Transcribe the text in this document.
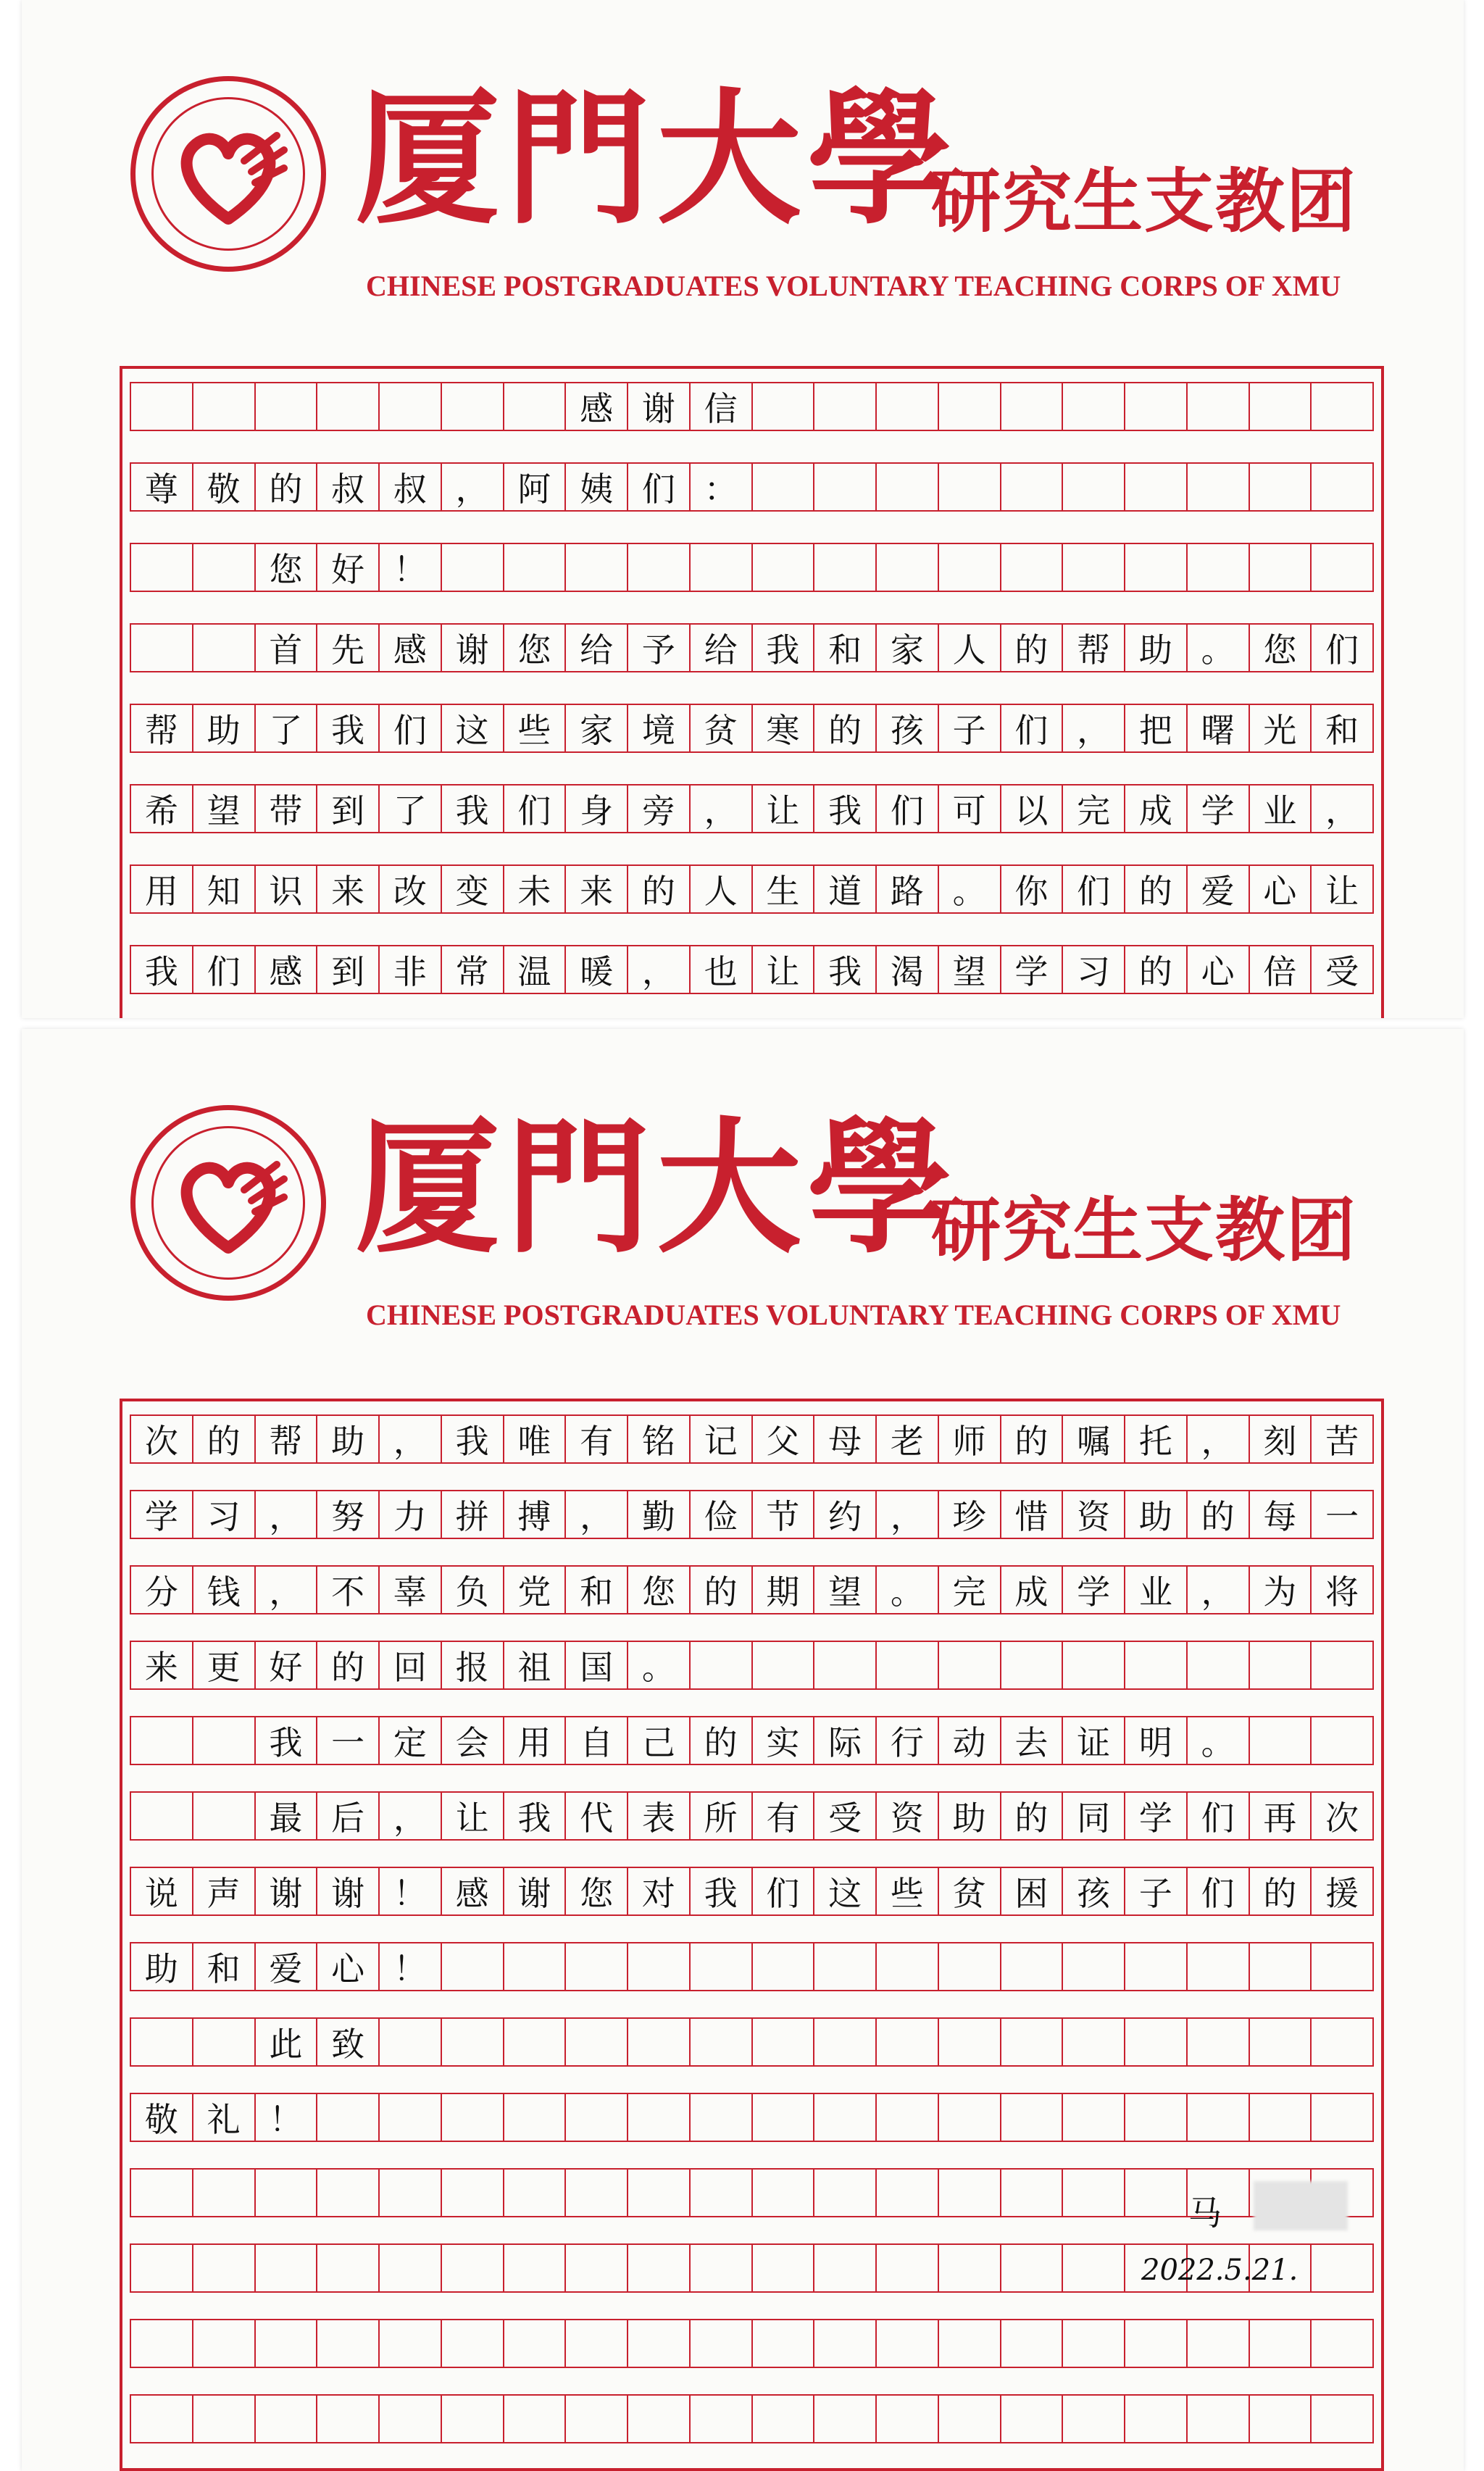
厦門大學
研究生支教团
CHINESE POSTGRADUATES VOLUNTARY TEACHING CORPS OF XMU
感 谢 信
尊 敬 的 叔 叔 ， 阿 姨 们 ：
您 好 ！
首 先 感 谢 您 给 予 给 我 和 家 人 的 帮 助 。 您 们
帮 助 了 我 们 这 些 家 境 贫 寒 的 孩 子 们 ， 把 曙 光 和
希 望 带 到 了 我 们 身 旁 ， 让 我 们 可 以 完 成 学 业 ，
用 知 识 来 改 变 未 来 的 人 生 道 路 。 你 们 的 爱 心 让
我 们 感 到 非 常 温 暖 ， 也 让 我 渴 望 学 习 的 心 倍 受
厦門大學
研究生支教团
CHINESE POSTGRADUATES VOLUNTARY TEACHING CORPS OF XMU
次 的 帮 助 ， 我 唯 有 铭 记 父 母 老 师 的 嘱 托 ， 刻 苦
学 习 ， 努 力 拼 搏 ， 勤 俭 节 约 ， 珍 惜 资 助 的 每 一
分 钱 ， 不 辜 负 党 和 您 的 期 望 。 完 成 学 业 ， 为 将
来 更 好 的 回 报 祖 国 。
我 一 定 会 用 自 己 的 实 际 行 动 去 证 明 。
最 后 ， 让 我 代 表 所 有 受 资 助 的 同 学 们 再 次
说 声 谢 谢 ！ 感 谢 您 对 我 们 这 些 贫 困 孩 子 们 的 援
助 和 爱 心 ！
此 致
敬 礼 ！
马
2022.5.21.
